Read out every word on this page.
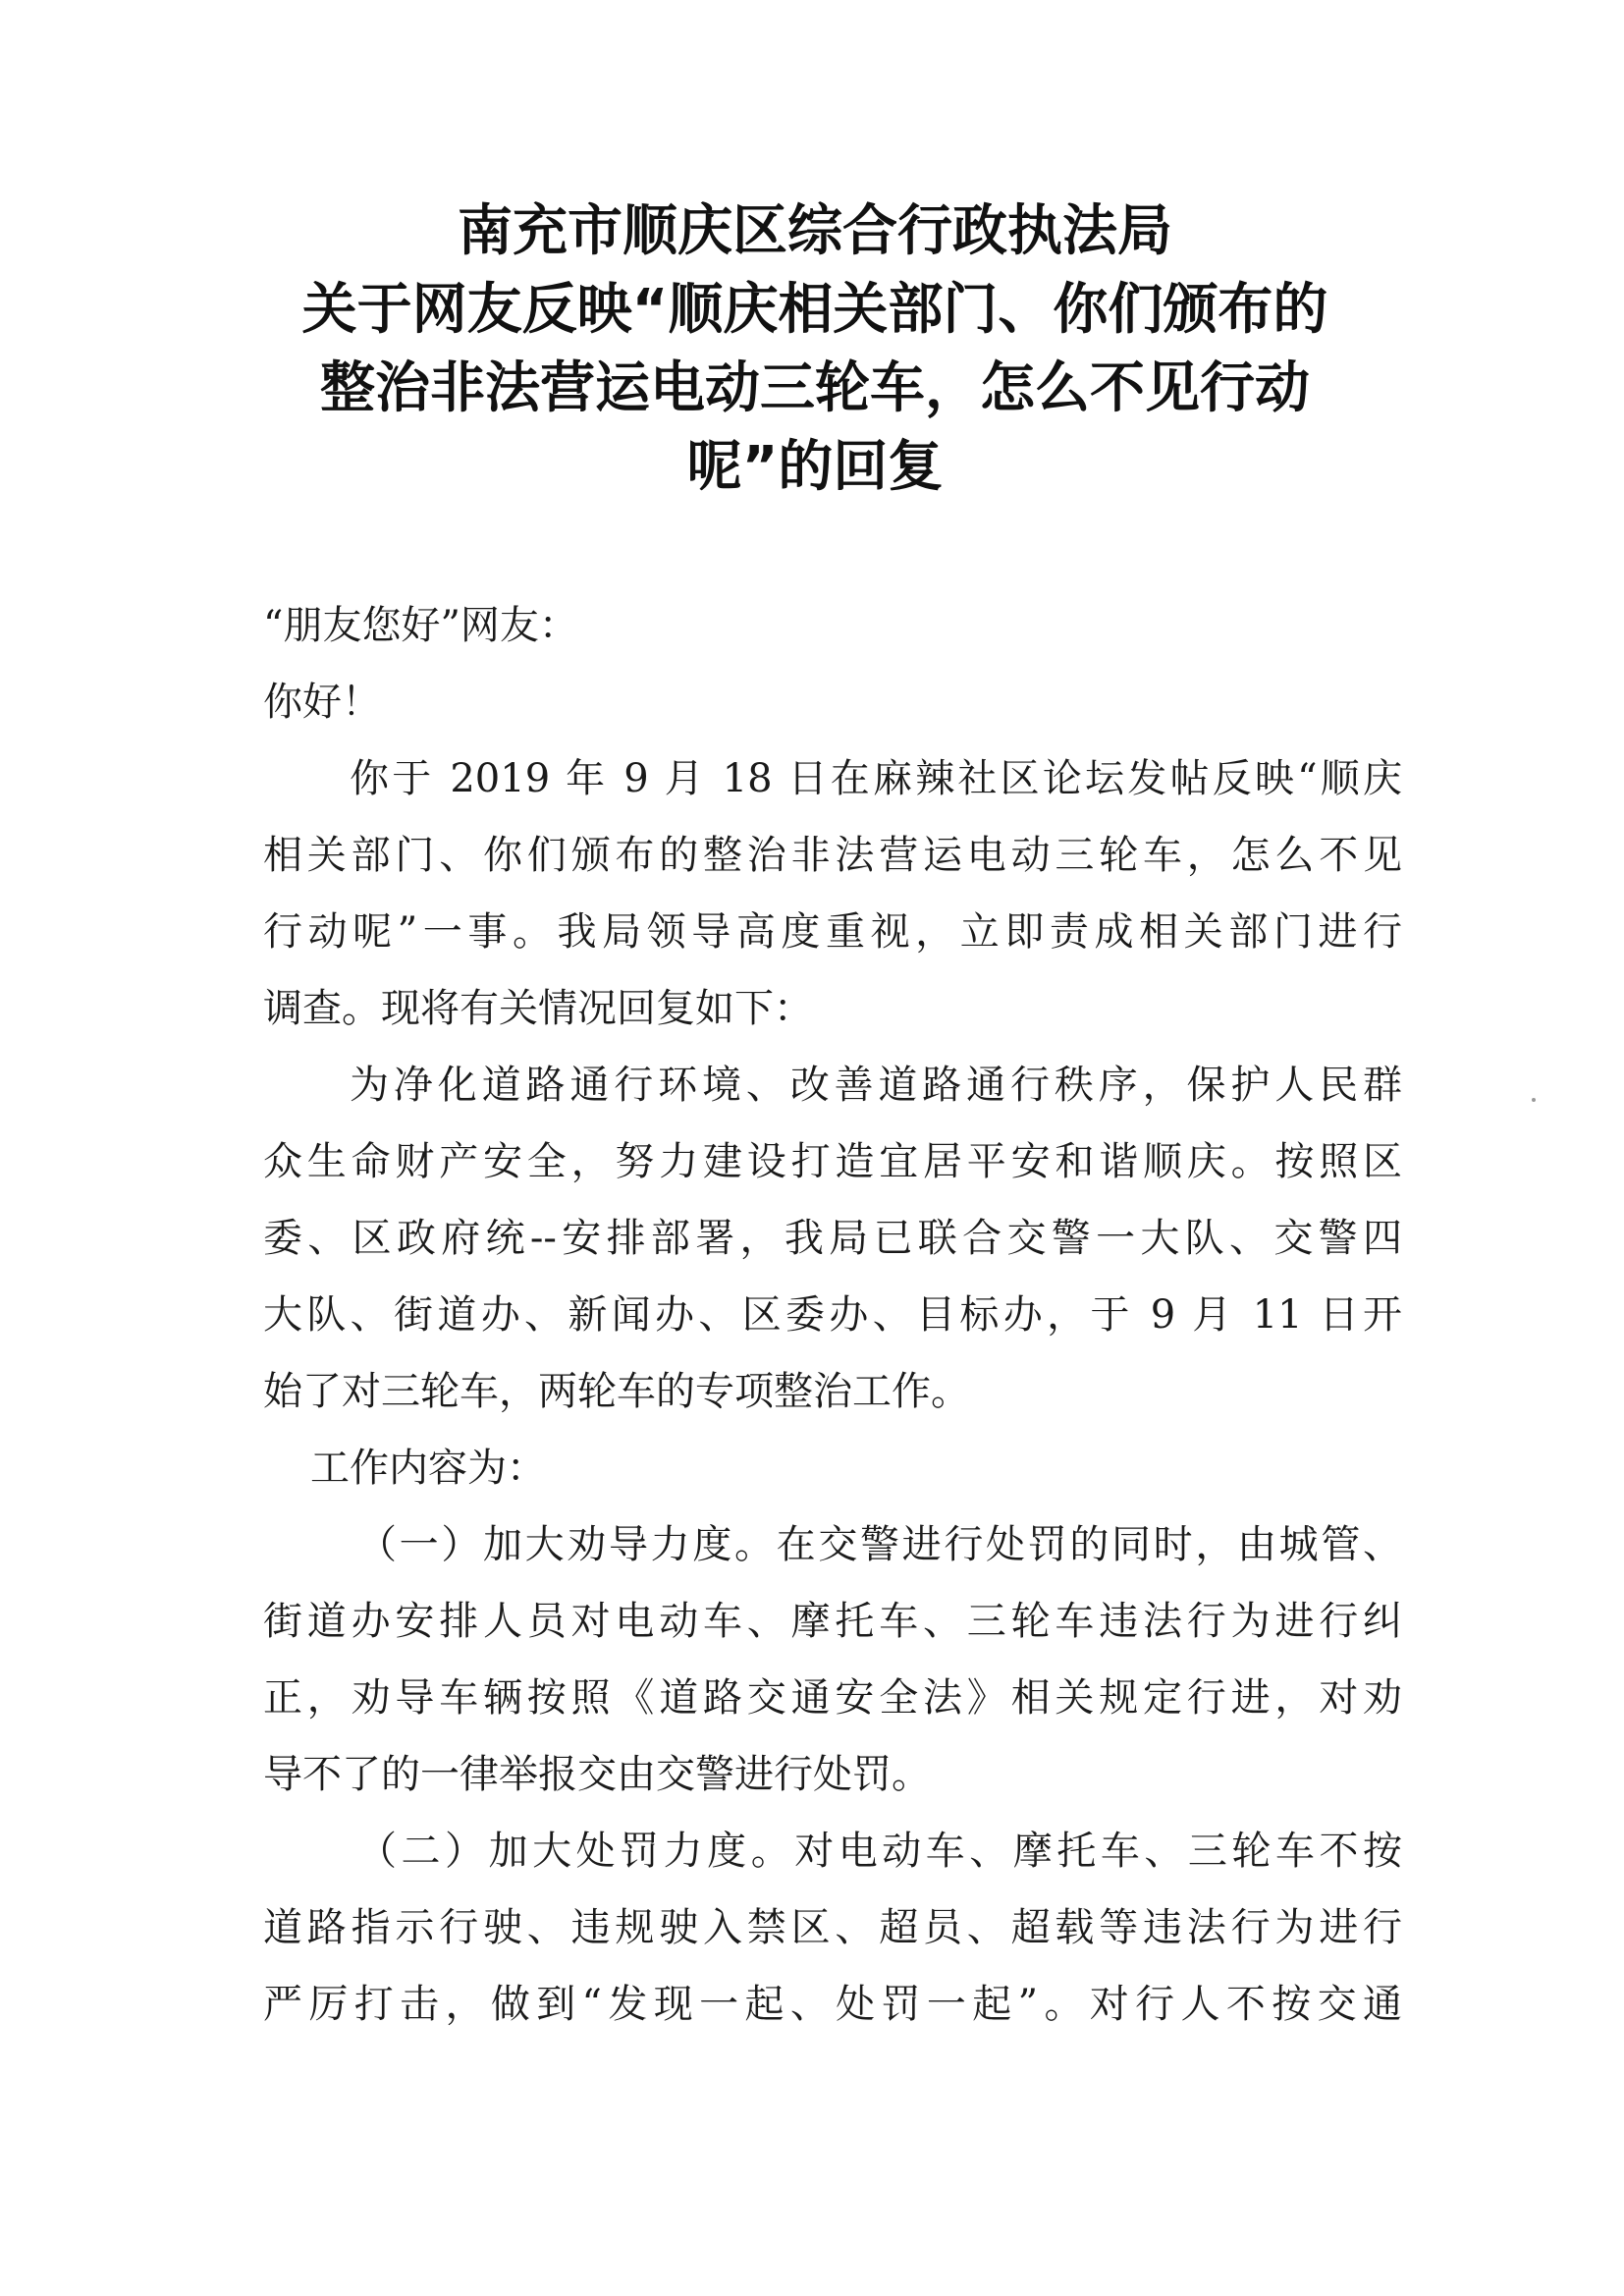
南充市顺庆区综合行政执法局
关于网友反映“顺庆相关部门、你们颁布的
整治非法营运电动三轮车，怎么不见行动
呢”的回复
“朋友您好”网友：
你好！
你于 2019 年 9 月 18 日在麻辣社区论坛发帖反映“顺庆
相关部门、你们颁布的整治非法营运电动三轮车，怎么不见
行动呢”一事。我局领导高度重视，立即责成相关部门进行
调查。现将有关情况回复如下：
为净化道路通行环境、改善道路通行秩序，保护人民群
众生命财产安全，努力建设打造宜居平安和谐顺庆。按照区
委、区政府统--安排部署，我局已联合交警一大队、交警四
大队、街道办、新闻办、区委办、目标办，于 9 月 11 日开
始了对三轮车，两轮车的专项整治工作。
工作内容为：
（一）加大劝导力度。在交警进行处罚的同时，由城管、
街道办安排人员对电动车、摩托车、三轮车违法行为进行纠
正，劝导车辆按照《道路交通安全法》相关规定行进，对劝
导不了的一律举报交由交警进行处罚。
（二）加大处罚力度。对电动车、摩托车、三轮车不按
道路指示行驶、违规驶入禁区、超员、超载等违法行为进行
严厉打击，做到“发现一起、处罚一起”。对行人不按交通
